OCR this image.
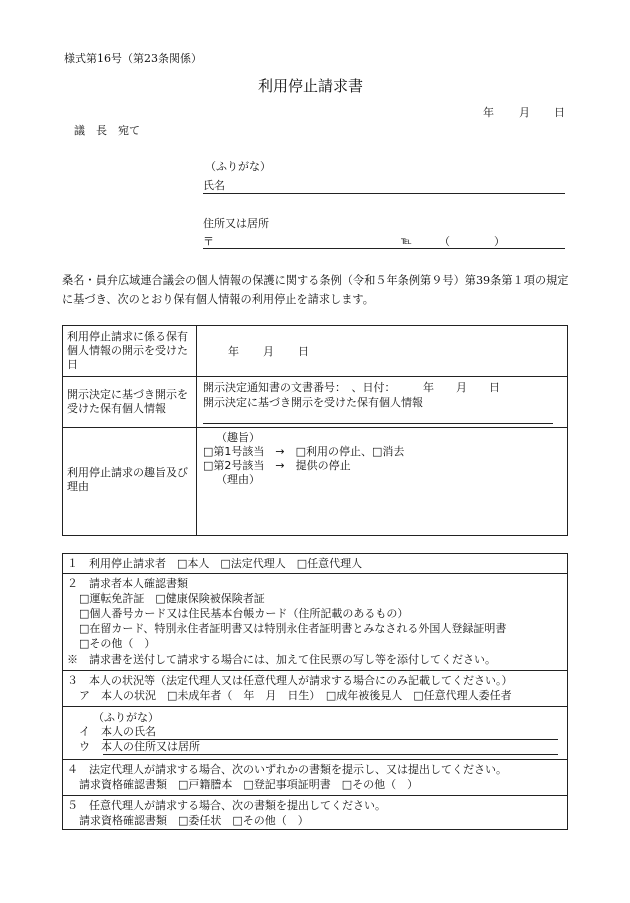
様式第16号（第23条関係）
利用停止請求書
年 月 日
議　長　宛て
（ふりがな）
氏名
住所又は居所
〒	℡ （　　　　）
桑名・員弁広域連合議会の個人情報の保護に関する条例（令和５年条例第９号）第39条第１項の規定に基づき、次のとおり保有個人情報の利用停止を請求します。
利用停止請求に係る保有個人情報の開示を受けた日
年 月 日
開示決定に基づき開示を受けた保有個人情報
開示決定通知書の文書番号：　、日付：　　　年　　月　　日
開示決定に基づき開示を受けた保有個人情報
利用停止請求の趣旨及び理由
（趣旨）
□第1号該当　→　□利用の停止、□消去
□第2号該当　→　提供の停止
（理由）
１　利用停止請求者　□本人　□法定代理人　□任意代理人
２　請求者本人確認書類
□運転免許証　□健康保険被保険者証
□個人番号カード又は住民基本台帳カード（住所記載のあるもの）
□在留カード、特別永住者証明書又は特別永住者証明書とみなされる外国人登録証明書
□その他（　）
※　請求書を送付して請求する場合には、加えて住民票の写し等を添付してください。
３　本人の状況等（法定代理人又は任意代理人が請求する場合にのみ記載してください。）
ア　本人の状況　□未成年者（　年　月　日生）　□成年被後見人　□任意代理人委任者
（ふりがな）
イ　本人の氏名
ウ　本人の住所又は居所
４　法定代理人が請求する場合、次のいずれかの書類を提示し、又は提出してください。
請求資格確認書類　□戸籍謄本　□登記事項証明書　□その他（　）
５　任意代理人が請求する場合、次の書類を提出してください。
請求資格確認書類　□委任状　□その他（　）
